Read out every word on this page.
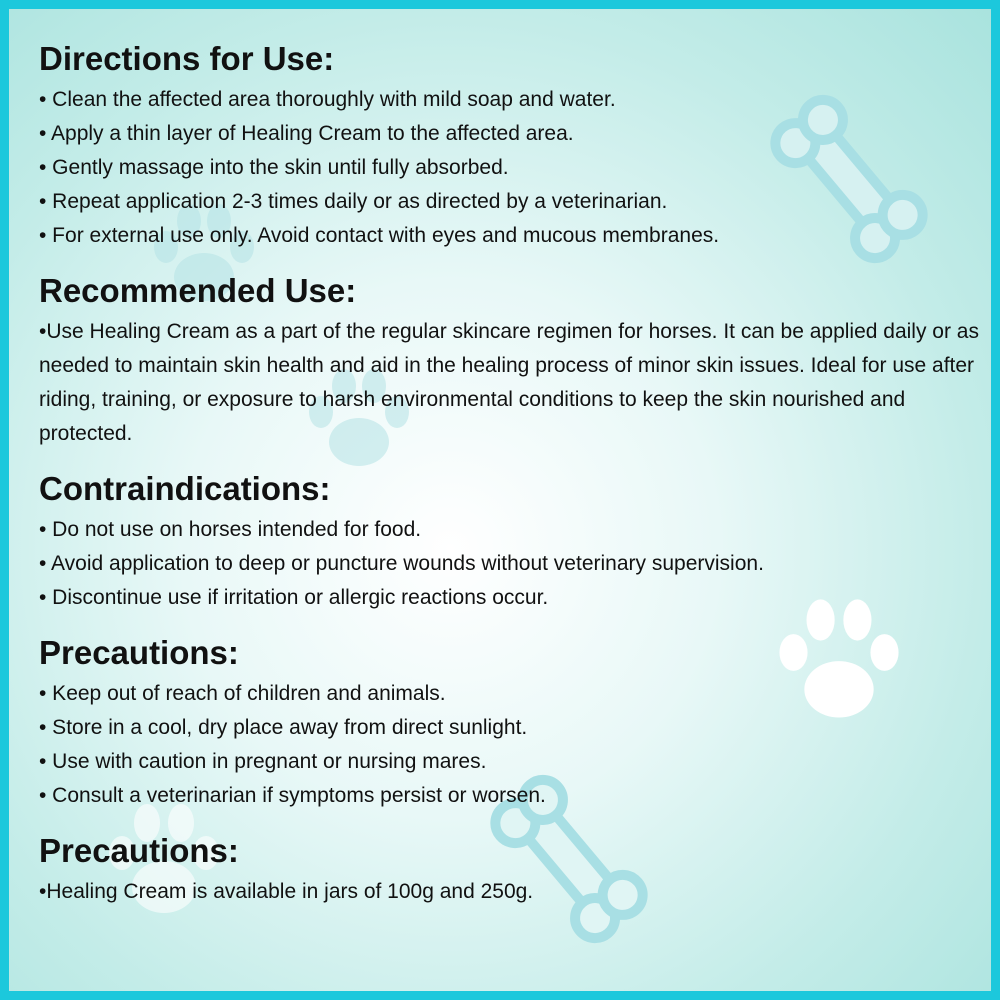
Directions for Use:

• Clean the affected area thoroughly with mild soap and water.

• Apply a thin layer of Healing Cream to the affected area.

• Gently massage into the skin until fully absorbed.

• Repeat application 2-3 times daily or as directed by a veterinarian.

• For external use only. Avoid contact with eyes and mucous membranes.

Recommended Use:

•Use Healing Cream as a part of the regular skincare regimen for horses. It can be applied daily or as needed to maintain skin health and aid in the healing process of minor skin issues. Ideal for use after riding, training, or exposure to harsh environmental conditions to keep the skin nourished and protected.

Contraindications:

• Do not use on horses intended for food.

• Avoid application to deep or puncture wounds without veterinary supervision.

• Discontinue use if irritation or allergic reactions occur.

Precautions:

• Keep out of reach of children and animals.

• Store in a cool, dry place away from direct sunlight.

• Use with caution in pregnant or nursing mares.

• Consult a veterinarian if symptoms persist or worsen.

Precautions:

•Healing Cream is available in jars of 100g and 250g.
